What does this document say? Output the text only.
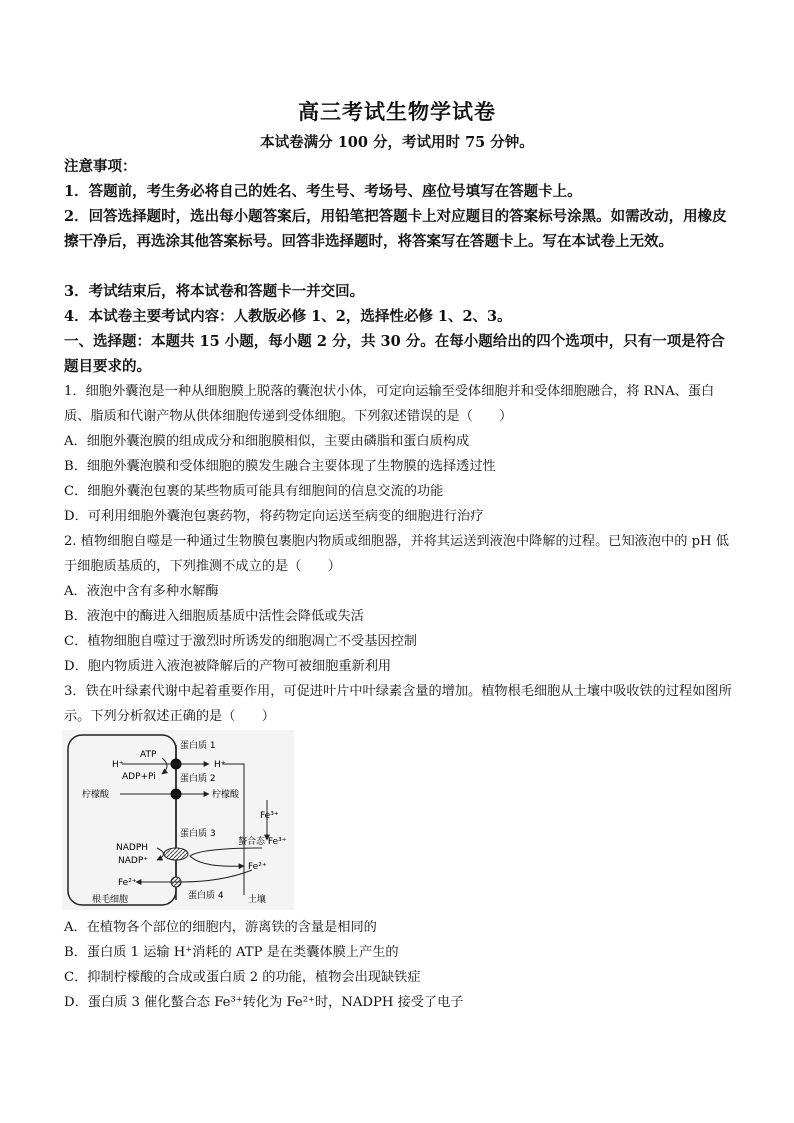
高三考试生物学试卷
本试卷满分 100 分，考试用时 75 分钟。
注意事项：
1．答题前，考生务必将自己的姓名、考生号、考场号、座位号填写在答题卡上。
2．回答选择题时，选出每小题答案后，用铅笔把答题卡上对应题目的答案标号涂黑。如需改动，用橡皮擦干净后，再选涂其他答案标号。回答非选择题时，将答案写在答题卡上。写在本试卷上无效。
3．考试结束后，将本试卷和答题卡一并交回。
4．本试卷主要考试内容：人教版必修 1、2，选择性必修 1、2、3。
一、选择题：本题共 15 小题，每小题 2 分，共 30 分。在每小题给出的四个选项中，只有一项是符合题目要求的。
1．细胞外囊泡是一种从细胞膜上脱落的囊泡状小体，可定向运输至受体细胞并和受体细胞融合，将 RNA、蛋白质、脂质和代谢产物从供体细胞传递到受体细胞。下列叙述错误的是（　　）
A．细胞外囊泡膜的组成成分和细胞膜相似，主要由磷脂和蛋白质构成
B．细胞外囊泡膜和受体细胞的膜发生融合主要体现了生物膜的选择透过性
C．细胞外囊泡包裹的某些物质可能具有细胞间的信息交流的功能
D．可利用细胞外囊泡包裹药物，将药物定向运送至病变的细胞进行治疗
2. 植物细胞自噬是一种通过生物膜包裹胞内物质或细胞器，并将其运送到液泡中降解的过程。已知液泡中的 pH 低于细胞质基质的，下列推测不成立的是（　　）
A．液泡中含有多种水解酶
B．液泡中的酶进入细胞质基质中活性会降低或失活
C．植物细胞自噬过于激烈时所诱发的细胞凋亡不受基因控制
D．胞内物质进入液泡被降解后的产物可被细胞重新利用
3．铁在叶绿素代谢中起着重要作用，可促进叶片中叶绿素含量的增加。植物根毛细胞从土壤中吸收铁的过程如图所示。下列分析叙述正确的是（　　）
蛋白质 1
ATP
H⁺
ADP+Pi
H⁺
蛋白质 2
柠檬酸	柠檬酸
Fe³⁺
蛋白质 3
螯合态 Fe³⁺
NADPH
NADP⁺
Fe²⁺
Fe²⁺
蛋白质 4
根毛细胞	土壤
A．在植物各个部位的细胞内，游离铁的含量是相同的
B．蛋白质 1 运输 H⁺消耗的 ATP 是在类囊体膜上产生的
C．抑制柠檬酸的合成或蛋白质 2 的功能，植物会出现缺铁症
D．蛋白质 3 催化螯合态 Fe³⁺转化为 Fe²⁺时，NADPH 接受了电子
